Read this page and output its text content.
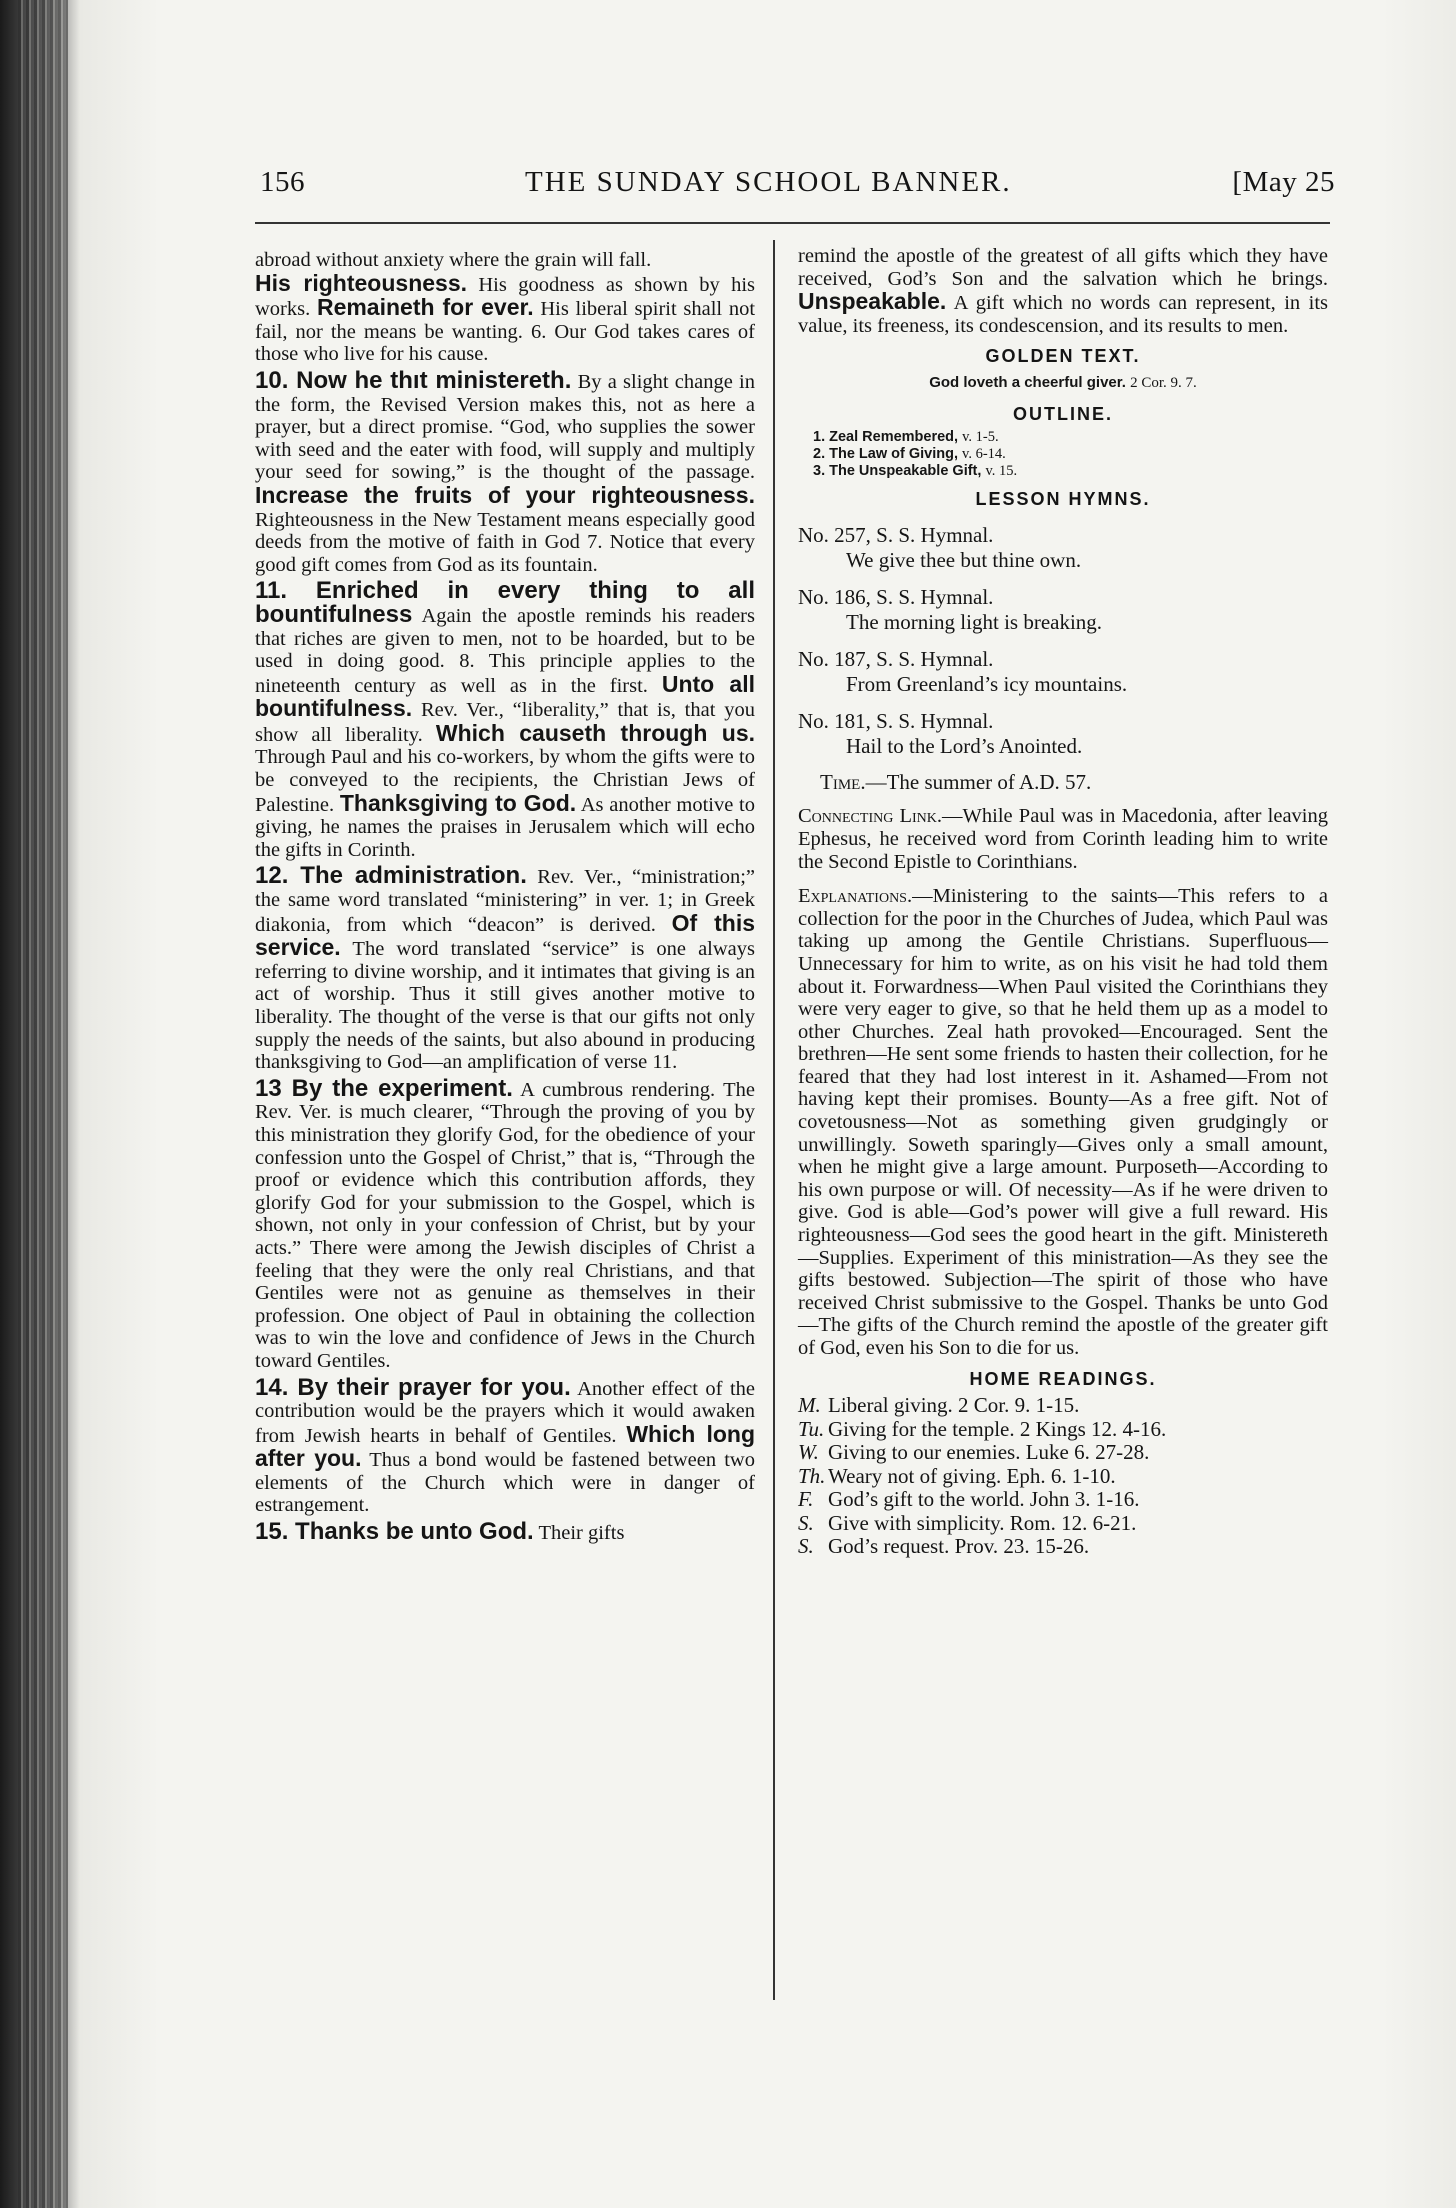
156	THE SUNDAY SCHOOL BANNER.	[May 25

abroad without anxiety where the grain will fall.

His righteousness. His goodness as shown by his works. Remaineth for ever. His liberal spirit shall not fail, nor the means be wanting. 6. Our God takes cares of those who live for his cause.

10. Now he thıt ministereth. By a slight change in the form, the Revised Version makes this, not as here a prayer, but a direct promise. “God, who supplies the sower with seed and the eater with food, will supply and multiply your seed for sowing,” is the thought of the passage. Increase the fruits of your righteousness. Righteousness in the New Testament means especially good deeds from the motive of faith in God 7. Notice that every good gift comes from God as its fountain.

11. Enriched in every thing to all bountifulness Again the apostle reminds his readers that riches are given to men, not to be hoarded, but to be used in doing good. 8. This principle applies to the nineteenth century as well as in the first. Unto all bountifulness. Rev. Ver., “liberality,” that is, that you show all liberality. Which causeth through us. Through Paul and his co-workers, by whom the gifts were to be conveyed to the recipients, the Christian Jews of Palestine. Thanksgiving to God. As another motive to giving, he names the praises in Jerusalem which will echo the gifts in Corinth.

12. The administration. Rev. Ver., “ministration;” the same word translated “ministering” in ver. 1; in Greek diakonia, from which “deacon” is derived. Of this service. The word translated “service” is one always referring to divine worship, and it intimates that giving is an act of worship. Thus it still gives another motive to liberality. The thought of the verse is that our gifts not only supply the needs of the saints, but also abound in producing thanksgiving to God—an amplification of verse 11.

13 By the experiment. A cumbrous rendering. The Rev. Ver. is much clearer, “Through the proving of you by this ministration they glorify God, for the obedience of your confession unto the Gospel of Christ,” that is, “Through the proof or evidence which this contribution affords, they glorify God for your submission to the Gospel, which is shown, not only in your confession of Christ, but by your acts.” There were among the Jewish disciples of Christ a feeling that they were the only real Christians, and that Gentiles were not as genuine as themselves in their profession. One object of Paul in obtaining the collection was to win the love and confidence of Jews in the Church toward Gentiles.

14. By their prayer for you. Another effect of the contribution would be the prayers which it would awaken from Jewish hearts in behalf of Gentiles. Which long after you. Thus a bond would be fastened between two elements of the Church which were in danger of estrangement.

15. Thanks be unto God. Their gifts

remind the apostle of the greatest of all gifts which they have received, God’s Son and the salvation which he brings. Unspeakable. A gift which no words can represent, in its value, its freeness, its condescension, and its results to men.

GOLDEN TEXT.

God loveth a cheerful giver. 2 Cor. 9. 7.

OUTLINE.

1. Zeal Remembered, v. 1-5.

2. The Law of Giving, v. 6-14.

3. The Unspeakable Gift, v. 15.

LESSON HYMNS.

No. 257, S. S. Hymnal.
We give thee but thine own.

No. 186, S. S. Hymnal.
The morning light is breaking.

No. 187, S. S. Hymnal.
From Greenland’s icy mountains.

No. 181, S. S. Hymnal.
Hail to the Lord’s Anointed.

Time.—The summer of A.D. 57.

Connecting Link.—While Paul was in Macedonia, after leaving Ephesus, he received word from Corinth leading him to write the Second Epistle to Corinthians.

Explanations.—Ministering to the saints—This refers to a collection for the poor in the Churches of Judea, which Paul was taking up among the Gentile Christians. Superfluous—Unnecessary for him to write, as on his visit he had told them about it. Forwardness—When Paul visited the Corinthians they were very eager to give, so that he held them up as a model to other Churches. Zeal hath provoked—Encouraged. Sent the brethren—He sent some friends to hasten their collection, for he feared that they had lost interest in it. Ashamed—From not having kept their promises. Bounty—As a free gift. Not of covetousness—Not as something given grudgingly or unwillingly. Soweth sparingly—Gives only a small amount, when he might give a large amount. Purposeth—According to his own purpose or will. Of necessity—As if he were driven to give. God is able—God’s power will give a full reward. His righteousness—God sees the good heart in the gift. Ministereth—Supplies. Experiment of this ministration—As they see the gifts bestowed. Subjection—The spirit of those who have received Christ submissive to the Gospel. Thanks be unto God—The gifts of the Church remind the apostle of the greater gift of God, even his Son to die for us.

HOME READINGS.

M. Liberal giving. 2 Cor. 9. 1-15.

Tu. Giving for the temple. 2 Kings 12. 4-16.

W. Giving to our enemies. Luke 6. 27-28.

Th. Weary not of giving. Eph. 6. 1-10.

F. God’s gift to the world. John 3. 1-16.

S. Give with simplicity. Rom. 12. 6-21.

S. God’s request. Prov. 23. 15-26.
